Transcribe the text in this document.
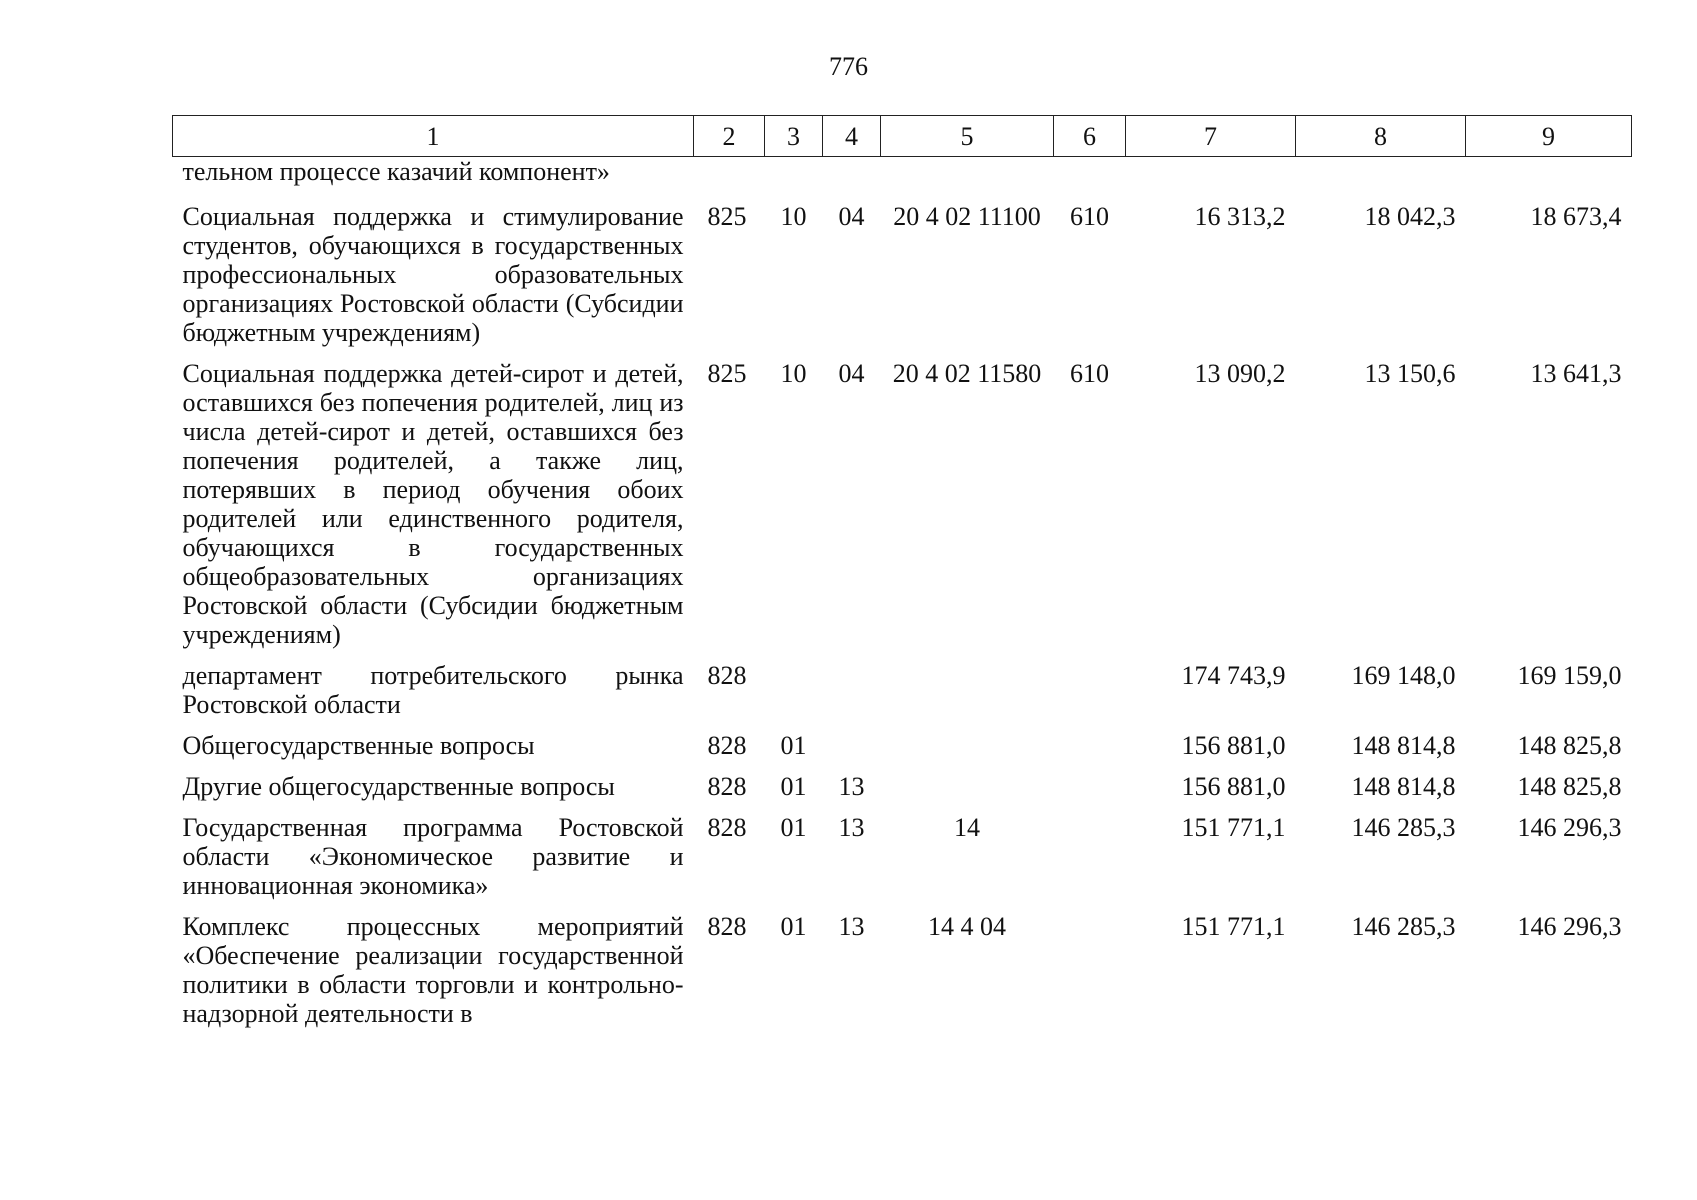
776
1	2	3	4	5	6	7	8	9
тельном процессе казачий компонент»								
Социальная поддержка и стимулирование студентов, обучающихся в государственных профессиональных образовательных организациях Ростовской области (Субсидии бюджетным учреждениям)	825	10	04	20 4 02 11100	610	16 313,2	18 042,3	18 673,4
Социальная поддержка детей-сирот и детей, оставшихся без попечения родителей, лиц из числа детей-сирот и детей, оставшихся без попечения родителей, а также лиц, потерявших в период обучения обоих родителей или единственного родителя, обучающихся в государственных общеобразовательных организациях Ростовской области (Субсидии бюджетным учреждениям)	825	10	04	20 4 02 11580	610	13 090,2	13 150,6	13 641,3
департамент потребительского рынка Ростовской области	828					174 743,9	169 148,0	169 159,0
Общегосударственные вопросы	828	01				156 881,0	148 814,8	148 825,8
Другие общегосударственные вопросы	828	01	13			156 881,0	148 814,8	148 825,8
Государственная программа Ростовской области «Экономическое развитие и инновационная экономика»	828	01	13	14		151 771,1	146 285,3	146 296,3
Комплекс процессных мероприятий «Обеспечение реализации государственной политики в области торговли и контрольно-надзорной деятельности в	828	01	13	14 4 04		151 771,1	146 285,3	146 296,3
